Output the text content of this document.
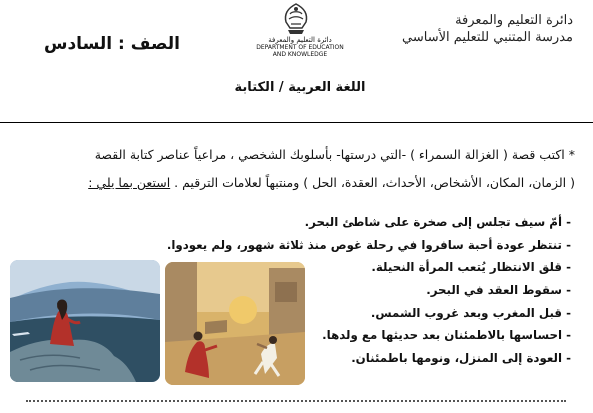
دائرة التعليم والمعرفة
مدرسة المتنبي للتعليم الأساسي
الصف : السادس	دائرة التعليم والمعرفة
DEPARTMENT OF EDUCATION
AND KNOWLEDGE
اللغة العربية / الكتابة
* اكتب قصة ( الغزالة السمراء ) -التي درستها- بأسلوبك الشخصي ، مراعياً عناصر كتابة القصة
( الزمان، المكان، الأشخاص، الأحداث، العقدة، الحل ) ومنتبهاً لعلامات الترقيم . استعن بما يلي :
- أمّ سيف تجلس إلى صخرة على شاطئ البحر.
- تنتظر عودة أحبة سافروا في رحلة غوص منذ ثلاثة شهور، ولم يعودوا.
- قلق الانتظار يُتعب المرأة النحيلة.
- سقوط العقد في البحر.
- قبل المغرب وبعد غروب الشمس.
- احساسها بالاطمئنان بعد حديثها مع ولدها.
- العودة إلى المنزل، ونومها باطمئنان.
